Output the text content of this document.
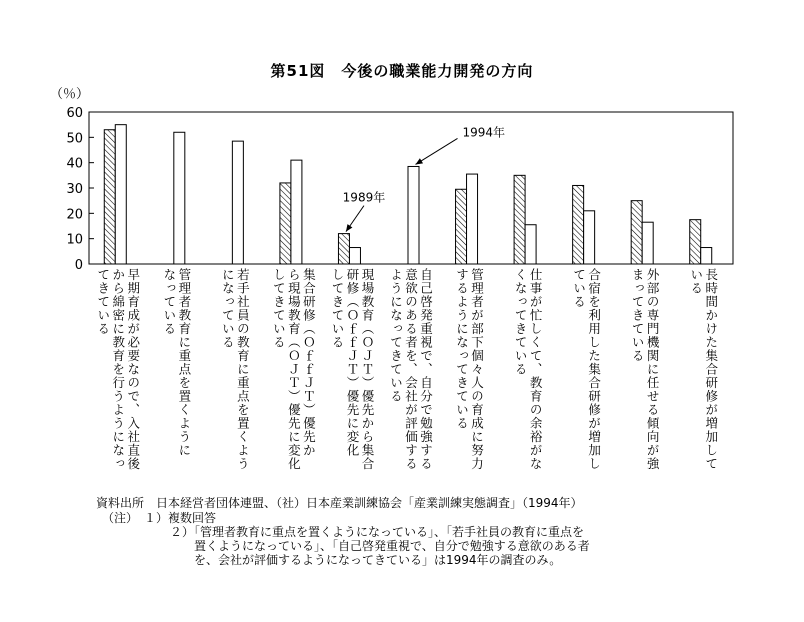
第51図　今後の職業能力開発の方向
0
10
20
30
40
50
60
（％）
1994年
1989年
早期育成が必要なので、入社直後
から綿密に教育を行うようになっ
てきている	管理者教育に重点を置くように
なっている	若手社員の教育に重点を置くよう
になっている	集合研修（ＯｆｆＪＴ）優先か
ら現場教育（ＯＪＴ）優先に変化
してきている	現場教育（ＯＪＴ）優先から集合
研修（ＯｆｆＪＴ）優先に変化
してきている	自己啓発重視で、自分で勉強する
意欲のある者を、会社が評価する
ようになってきている	管理者が部下個々人の育成に努力
するようになってきている	仕事が忙しくて、教育の余裕がな
くなってきている	合宿を利用した集合研修が増加し
ている	外部の専門機関に任せる傾向が強
まってきている	長時間かけた集合研修が増加して
いる
資料出所　日本経営者団体連盟、（社）日本産業訓練協会「産業訓練実態調査」（1994年）
　（注）　１）複数回答
２）「管理者教育に重点を置くようになっている」、「若手社員の教育に重点を
　　置くようになっている」、「自己啓発重視で、自分で勉強する意欲のある者
　　を、会社が評価するようになってきている」は1994年の調査のみ。
